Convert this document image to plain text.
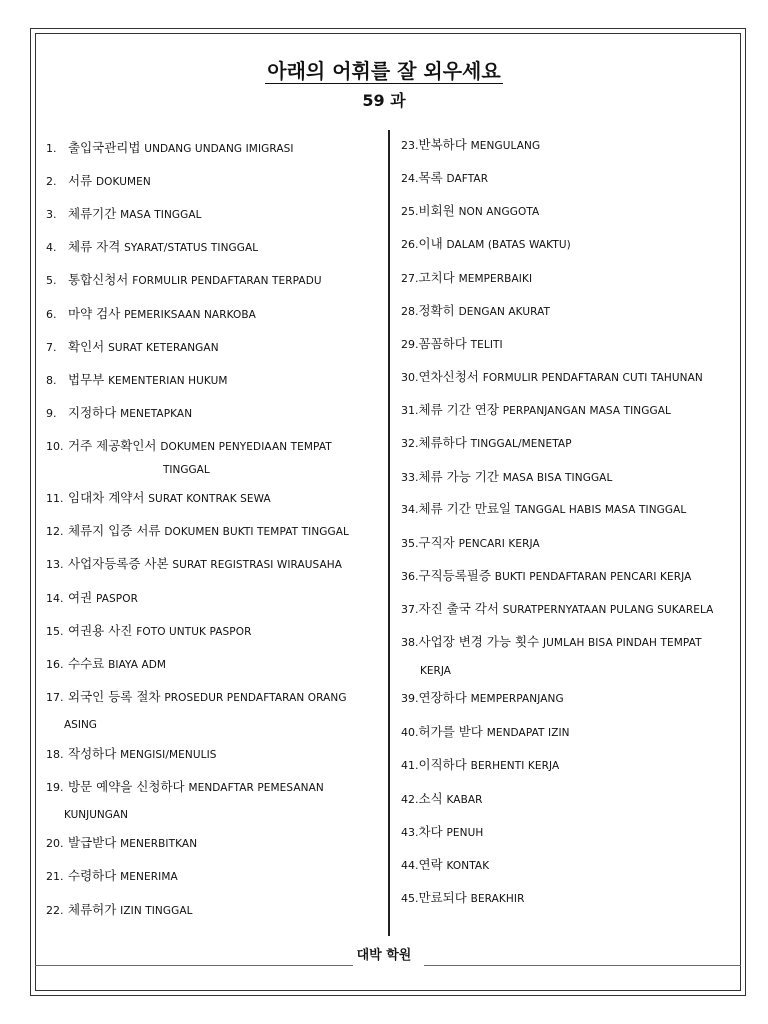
아래의 어휘를 잘 외우세요
59 과
1. 출입국관리법 UNDANG UNDANG IMIGRASI
2. 서류 DOKUMEN
3. 체류기간 MASA TINGGAL
4. 체류 자격 SYARAT/STATUS TINGGAL
5. 통합신청서 FORMULIR PENDAFTARAN TERPADU
6. 마약 검사 PEMERIKSAAN NARKOBA
7. 확인서 SURAT KETERANGAN
8. 법무부 KEMENTERIAN HUKUM
9. 지정하다 MENETAPKAN
10. 거주 제공확인서 DOKUMEN PENYEDIAAN TEMPAT
TINGGAL
11. 임대차 계약서 SURAT KONTRAK SEWA
12. 체류지 입증 서류 DOKUMEN BUKTI TEMPAT TINGGAL
13. 사업자등록증 사본 SURAT REGISTRASI WIRAUSAHA
14. 여권 PASPOR
15. 여권용 사진 FOTO UNTUK PASPOR
16. 수수료 BIAYA ADM
17. 외국인 등록 절차 PROSEDUR PENDAFTARAN ORANG
ASING
18. 작성하다 MENGISI/MENULIS
19. 방문 예약을 신청하다 MENDAFTAR PEMESANAN
KUNJUNGAN
20. 발급받다 MENERBITKAN
21. 수령하다 MENERIMA
22. 체류허가 IZIN TINGGAL
23.반복하다 MENGULANG
24.목록 DAFTAR
25.비회원 NON ANGGOTA
26.이내 DALAM (BATAS WAKTU)
27.고치다 MEMPERBAIKI
28.정확히 DENGAN AKURAT
29.꼼꼼하다 TELITI
30.연차신청서 FORMULIR PENDAFTARAN CUTI TAHUNAN
31.체류 기간 연장 PERPANJANGAN MASA TINGGAL
32.체류하다 TINGGAL/MENETAP
33.체류 가능 기간 MASA BISA TINGGAL
34.체류 기간 만료일 TANGGAL HABIS MASA TINGGAL
35.구직자 PENCARI KERJA
36.구직등록필증 BUKTI PENDAFTARAN PENCARI KERJA
37.자진 출국 각서 SURATPERNYATAAN PULANG SUKARELA
38.사업장 변경 가능 횟수 JUMLAH BISA PINDAH TEMPAT
KERJA
39.연장하다 MEMPERPANJANG
40.허가를 받다 MENDAPAT IZIN
41.이직하다 BERHENTI KERJA
42.소식 KABAR
43.차다 PENUH
44.연락 KONTAK
45.만료되다 BERAKHIR
대박 학원
